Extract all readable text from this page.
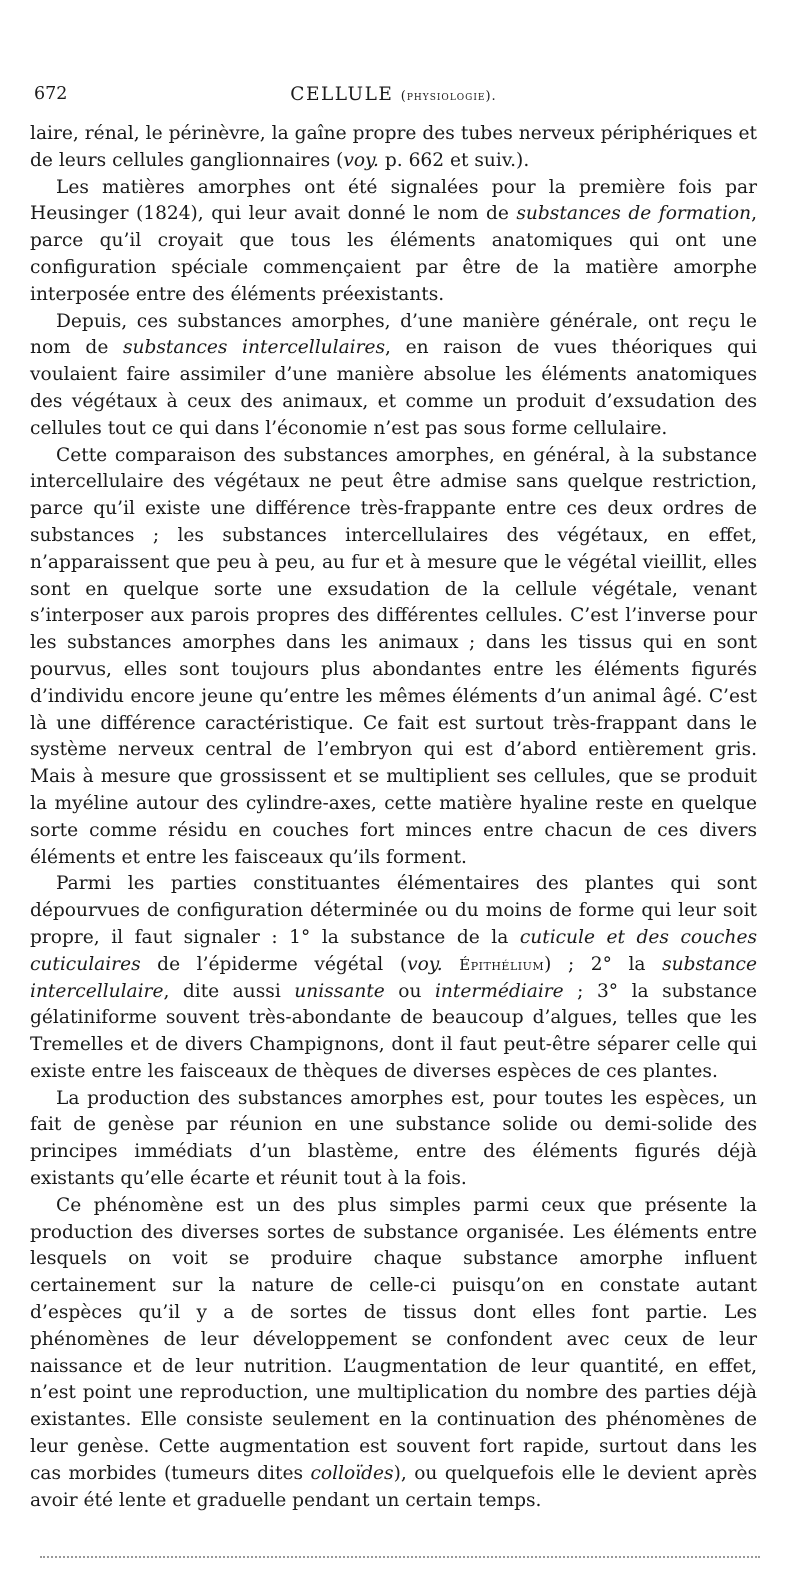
672	CELLULE (physiologie).

laire, rénal, le périnèvre, la gaîne propre des tubes nerveux périphériques et de leurs cellules ganglionnaires (voy. p. 662 et suiv.).

Les matières amorphes ont été signalées pour la première fois par Heusinger (1824), qui leur avait donné le nom de substances de formation, parce qu’il croyait que tous les éléments anatomiques qui ont une configuration spéciale commençaient par être de la matière amorphe interposée entre des éléments préexistants.

Depuis, ces substances amorphes, d’une manière générale, ont reçu le nom de substances intercellulaires, en raison de vues théoriques qui voulaient faire assimiler d’une manière absolue les éléments anatomiques des végétaux à ceux des animaux, et comme un produit d’exsudation des cellules tout ce qui dans l’économie n’est pas sous forme cellulaire.

Cette comparaison des substances amorphes, en général, à la substance intercellulaire des végétaux ne peut être admise sans quelque restriction, parce qu’il existe une différence très-frappante entre ces deux ordres de substances ; les substances intercellulaires des végétaux, en effet, n’apparaissent que peu à peu, au fur et à mesure que le végétal vieillit, elles sont en quelque sorte une exsudation de la cellule végétale, venant s’interposer aux parois propres des différentes cellules. C’est l’inverse pour les substances amorphes dans les animaux ; dans les tissus qui en sont pourvus, elles sont toujours plus abondantes entre les éléments figurés d’individu encore jeune qu’entre les mêmes éléments d’un animal âgé. C’est là une différence caractéristique. Ce fait est surtout très-frappant dans le système nerveux central de l’embryon qui est d’abord entièrement gris. Mais à mesure que grossissent et se multiplient ses cellules, que se produit la myéline autour des cylindre-axes, cette matière hyaline reste en quelque sorte comme résidu en couches fort minces entre chacun de ces divers éléments et entre les faisceaux qu’ils forment.

Parmi les parties constituantes élémentaires des plantes qui sont dépourvues de configuration déterminée ou du moins de forme qui leur soit propre, il faut signaler : 1° la substance de la cuticule et des couches cuticulaires de l’épiderme végétal (voy. Épithélium) ; 2° la substance intercellulaire, dite aussi unissante ou intermédiaire ; 3° la substance gélatiniforme souvent très-abondante de beaucoup d’algues, telles que les Tremelles et de divers Champignons, dont il faut peut-être séparer celle qui existe entre les faisceaux de thèques de diverses espèces de ces plantes.

La production des substances amorphes est, pour toutes les espèces, un fait de genèse par réunion en une substance solide ou demi-solide des principes immédiats d’un blastème, entre des éléments figurés déjà existants qu’elle écarte et réunit tout à la fois.

Ce phénomène est un des plus simples parmi ceux que présente la production des diverses sortes de substance organisée. Les éléments entre lesquels on voit se produire chaque substance amorphe influent certainement sur la nature de celle-ci puisqu’on en constate autant d’espèces qu’il y a de sortes de tissus dont elles font partie. Les phénomènes de leur développement se confondent avec ceux de leur naissance et de leur nutrition. L’augmentation de leur quantité, en effet, n’est point une reproduction, une multiplication du nombre des parties déjà existantes. Elle consiste seulement en la continuation des phénomènes de leur genèse. Cette augmentation est souvent fort rapide, surtout dans les cas morbides (tumeurs dites colloïdes), ou quelquefois elle le devient après avoir été lente et graduelle pendant un certain temps.
